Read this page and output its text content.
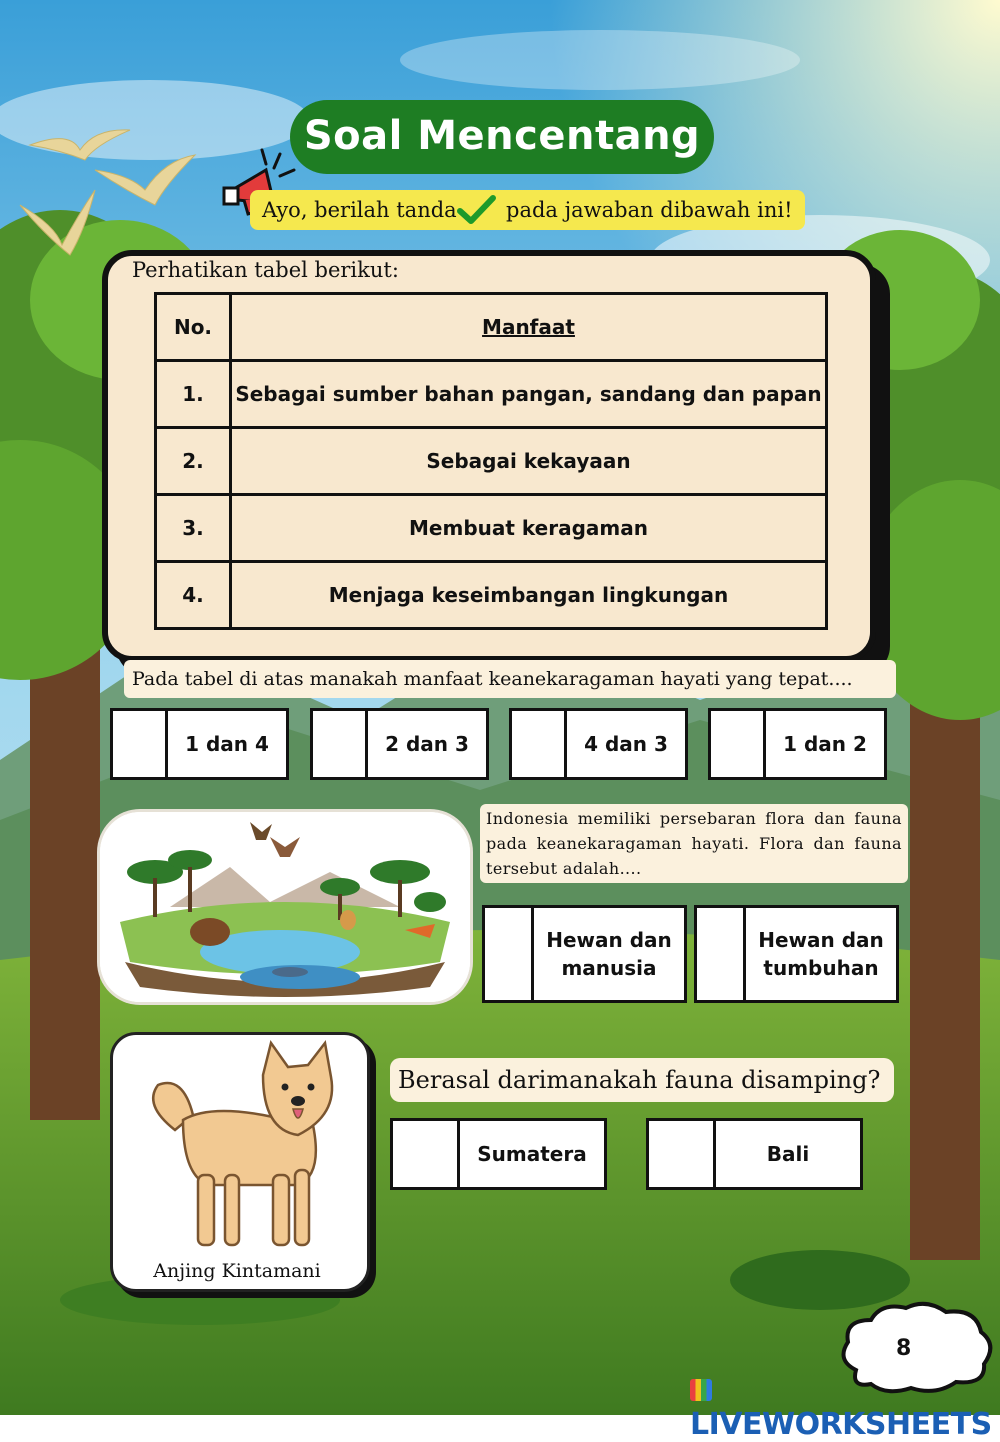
Soal Mencentang
Ayo, berilah tanda pada jawaban dibawah ini!
Perhatikan tabel berikut:
No.	Manfaat
1.	Sebagai sumber bahan pangan, sandang dan papan
2.	Sebagai kekayaan
3.	Membuat keragaman
4.	Menjaga keseimbangan lingkungan
Pada tabel di atas manakah manfaat keanekaragaman hayati yang tepat....
1 dan 4	2 dan 3	4 dan 3	1 dan 2
Indonesia memiliki persebaran flora dan fauna pada keanekaragaman hayati. Flora dan fauna tersebut adalah....
Hewan dan manusia
Hewan dan tumbuhan
Anjing Kintamani
Berasal darimanakah fauna disamping?
Sumatera	Bali
8
LIVEWORKSHEETS
